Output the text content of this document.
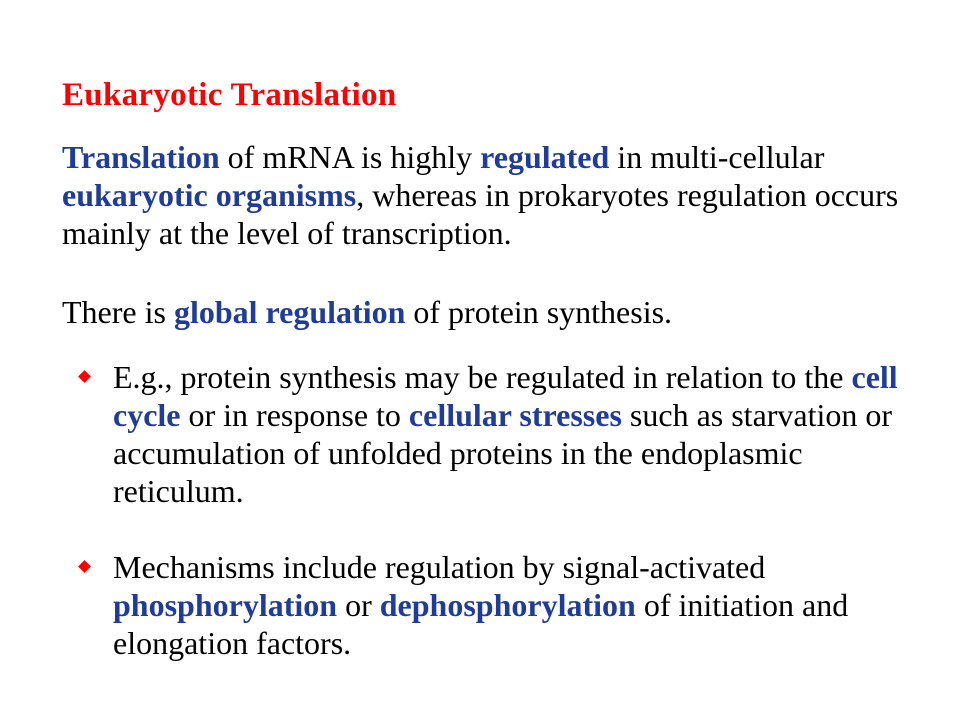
Eukaryotic Translation

Translation of mRNA is highly regulated in multi-cellular eukaryotic organisms, whereas in prokaryotes regulation occurs mainly at the level of transcription.

There is global regulation of protein synthesis.

E.g., protein synthesis may be regulated in relation to the cell cycle or in response to cellular stresses such as starvation or accumulation of unfolded proteins in the endoplasmic reticulum.
Mechanisms include regulation by signal-activated phosphorylation or dephosphorylation of initiation and elongation factors.
